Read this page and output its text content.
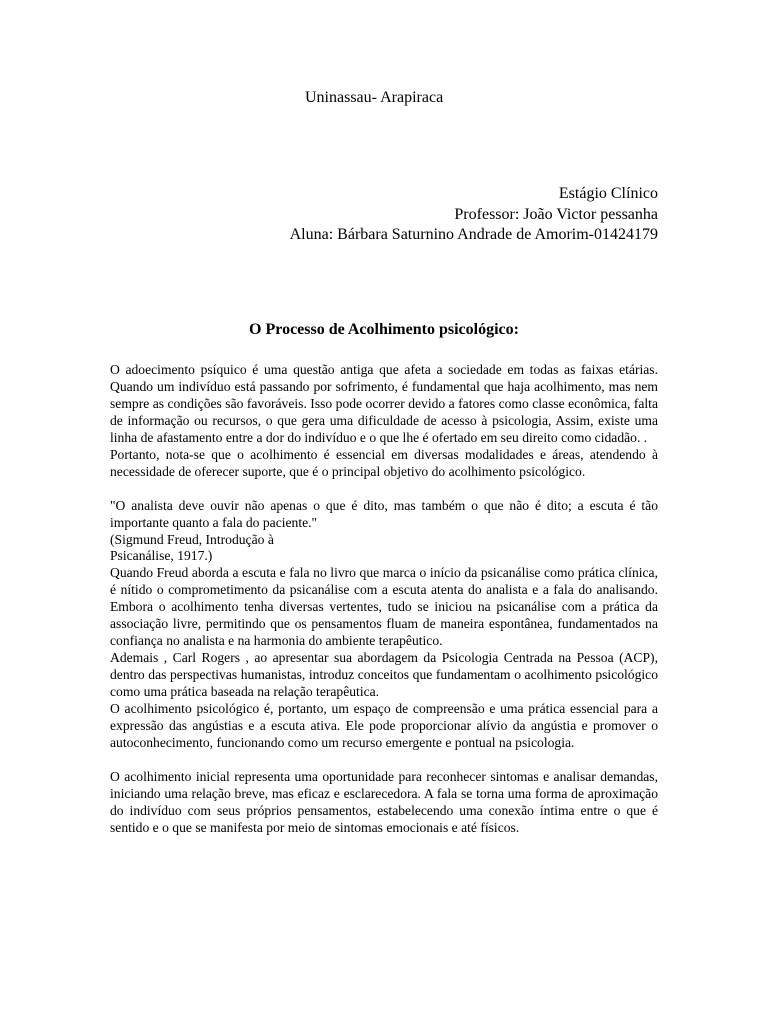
Uninassau- Arapiraca
Estágio Clínico
Professor: João Victor pessanha
Aluna: Bárbara Saturnino Andrade de Amorim-01424179
O Processo de Acolhimento psicológico:

O adoecimento psíquico é uma questão antiga que afeta a sociedade em todas as faixas etárias. Quando um indivíduo está passando por sofrimento, é fundamental que haja acolhimento, mas nem sempre as condições são favoráveis. Isso pode ocorrer devido a fatores como classe econômica, falta de informação ou recursos, o que gera uma dificuldade de acesso à psicologia, Assim, existe uma linha de afastamento entre a dor do indivíduo e o que lhe é ofertado em seu direito como cidadão. .

Portanto, nota-se que o acolhimento é essencial em diversas modalidades e áreas, atendendo à necessidade de oferecer suporte, que é o principal objetivo do acolhimento psicológico.

"O analista deve ouvir não apenas o que é dito, mas também o que não é dito; a escuta é tão importante quanto a fala do paciente."

(Sigmund Freud, Introdução à

Psicanálise, 1917.)

Quando Freud aborda a escuta e fala no livro que marca o início da psicanálise como prática clínica, é nítido o comprometimento da psicanálise com a escuta atenta do analista e a fala do analisando. Embora o acolhimento tenha diversas vertentes, tudo se iniciou na psicanálise com a prática da associação livre, permitindo que os pensamentos fluam de maneira espontânea, fundamentados na confiança no analista e na harmonia do ambiente terapêutico.

Ademais , Carl Rogers , ao apresentar sua abordagem da Psicologia Centrada na Pessoa (ACP), dentro das perspectivas humanistas, introduz conceitos que fundamentam o acolhimento psicológico como uma prática baseada na relação terapêutica.

O acolhimento psicológico é, portanto, um espaço de compreensão e uma prática essencial para a expressão das angústias e a escuta ativa. Ele pode proporcionar alívio da angústia e promover o autoconhecimento, funcionando como um recurso emergente e pontual na psicologia.

O acolhimento inicial representa uma oportunidade para reconhecer sintomas e analisar demandas, iniciando uma relação breve, mas eficaz e esclarecedora. A fala se torna uma forma de aproximação do indivíduo com seus próprios pensamentos, estabelecendo uma conexão íntima entre o que é sentido e o que se manifesta por meio de sintomas emocionais e até físicos.
